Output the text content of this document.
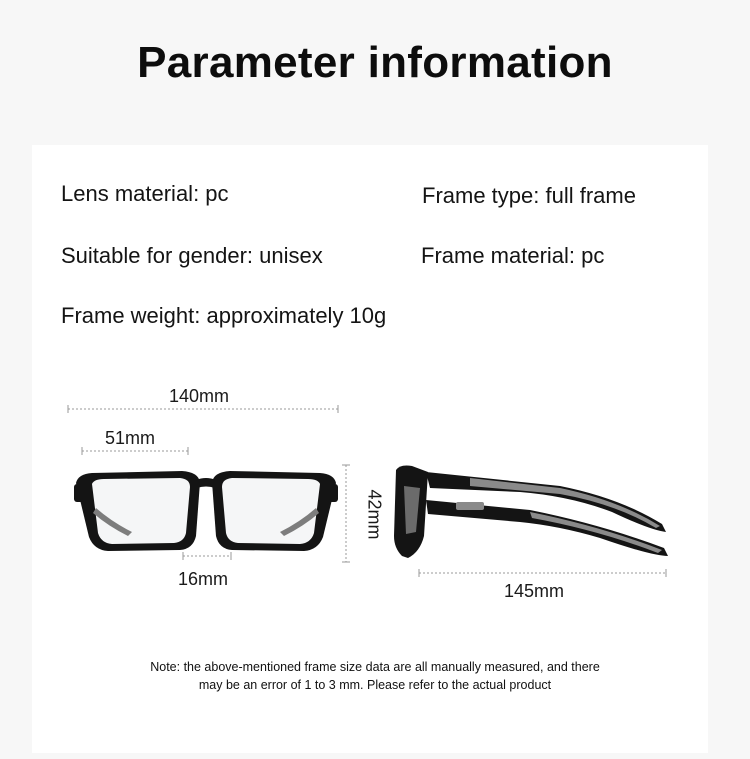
Parameter information
Lens material: pc	Frame type: full frame
Suitable for gender: unisex	Frame material: pc
Frame weight: approximately 10g
140mm
51mm
16mm
145mm
42mm
Note: the above-mentioned frame size data are all manually measured, and there
may be an error of 1 to 3 mm. Please refer to the actual product
